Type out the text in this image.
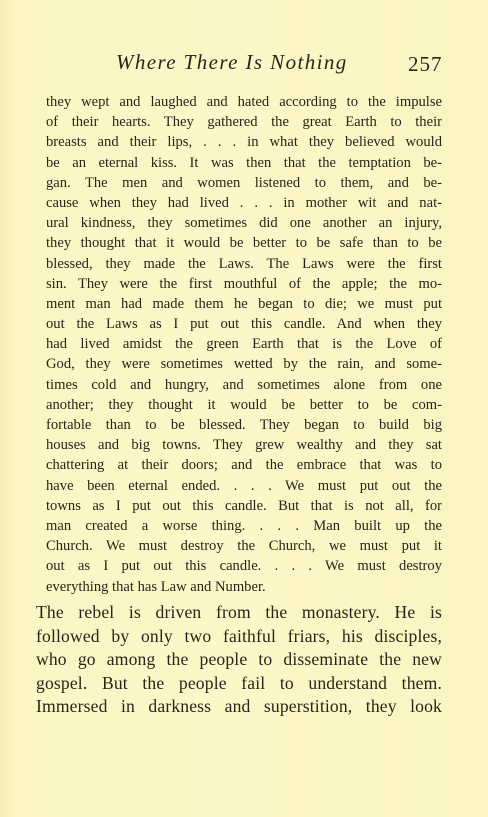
Where There Is Nothing	257
they wept and laughed and hated according to the impulse
of their hearts. They gathered the great Earth to their
breasts and their lips, . . . in what they believed would
be an eternal kiss. It was then that the temptation be-
gan. The men and women listened to them, and be-
cause when they had lived . . . in mother wit and nat-
ural kindness, they sometimes did one another an injury,
they thought that it would be better to be safe than to be
blessed, they made the Laws. The Laws were the first
sin. They were the first mouthful of the apple; the mo-
ment man had made them he began to die; we must put
out the Laws as I put out this candle. And when they
had lived amidst the green Earth that is the Love of
God, they were sometimes wetted by the rain, and some-
times cold and hungry, and sometimes alone from one
another; they thought it would be better to be com-
fortable than to be blessed. They began to build big
houses and big towns. They grew wealthy and they sat
chattering at their doors; and the embrace that was to
have been eternal ended. . . . We must put out the
towns as I put out this candle. But that is not all, for
man created a worse thing. . . . Man built up the
Church. We must destroy the Church, we must put it
out as I put out this candle. . . . We must destroy
everything that has Law and Number.
The rebel is driven from the monastery. He is
followed by only two faithful friars, his disciples,
who go among the people to disseminate the new
gospel. But the people fail to understand them.
Immersed in darkness and superstition, they look
